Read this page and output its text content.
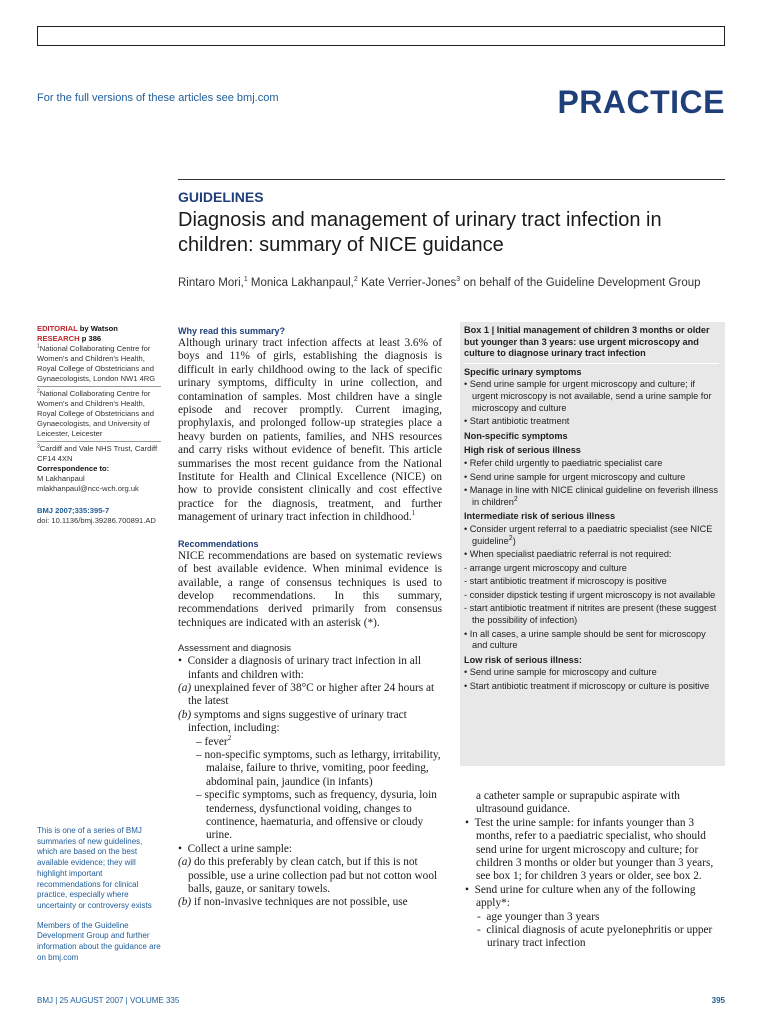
For the full versions of these articles see bmj.com	PRACTICE
GUIDELINES
Diagnosis and management of urinary tract infection in children: summary of NICE guidance
Rintaro Mori,$^1$ Monica Lakhanpaul,$^2$ Kate Verrier-Jones$^3$ on behalf of the Guideline Development Group
EDITORIAL by Watson
RESEARCH p 386
$^1$National Collaborating Centre for Women's and Children's Health, Royal College of Obstetricians and Gynaecologists, London NW1 4RG
$^2$National Collaborating Centre for Women's and Children's Health, Royal College of Obstetricians and Gynaecologists, and University of Leicester, Leicester
$^3$Cardiff and Vale NHS Trust, Cardiff CF14 4XN
Correspondence to:
M Lakhanpaul
mlakhanpaul@ncc-wch.org.uk
BMJ 2007;335:395-7
doi: 10.1136/bmj.39286.700891.AD

This is one of a series of BMJ summaries of new guidelines, which are based on the best available evidence; they will highlight important recommendations for clinical practice, especially where uncertainty or controversy exists

Members of the Guideline Development Group and further information about the guidance are on bmj.com

Why read this summary?

Although urinary tract infection affects at least 3.6% of boys and 11% of girls, establishing the diagnosis is difficult in early childhood owing to the lack of specific urinary symptoms, difficulty in urine collection, and contamination of samples. Most children have a single episode and recover promptly. Current imaging, prophylaxis, and prolonged follow-up strategies place a heavy burden on patients, families, and NHS resources and carry risks without evidence of benefit. This article summarises the most recent guidance from the National Institute for Health and Clinical Excellence (NICE) on how to provide consistent clinically and cost effective practice for the diagnosis, treatment, and further management of urinary tract infection in childhood.$^1$

Recommendations

NICE recommendations are based on systematic reviews of best available evidence. When minimal evidence is available, a range of consensus techniques is used to develop recommendations. In this summary, recommendations derived primarily from consensus techniques are indicated with an asterisk (*).

Assessment and diagnosis
•  Consider a diagnosis of urinary tract infection in all infants and children with:
(a) unexplained fever of 38°C or higher after 24 hours at the latest
(b) symptoms and signs suggestive of urinary tract infection, including:
– fever$^2$
– non-specific symptoms, such as lethargy, irritability, malaise, failure to thrive, vomiting, poor feeding, abdominal pain, jaundice (in infants)
– specific symptoms, such as frequency, dysuria, loin tenderness, dysfunctional voiding, changes to continence, haematuria, and offensive or cloudy urine.
•  Collect a urine sample:
(a) do this preferably by clean catch, but if this is not possible, use a urine collection pad but not cotton wool balls, gauze, or sanitary towels.
(b) if non-invasive techniques are not possible, use
Box 1 | Initial management of children 3 months or older but younger than 3 years: use urgent microscopy and culture to diagnose urinary tract infection
Specific urinary symptoms
• Send urine sample for urgent microscopy and culture; if urgent microscopy is not available, send a urine sample for microscopy and culture
• Start antibiotic treatment
Non-specific symptoms
High risk of serious illness
• Refer child urgently to paediatric specialist care
• Send urine sample for urgent microscopy and culture
• Manage in line with NICE clinical guideline on feverish illness in children$^2$
Intermediate risk of serious illness
• Consider urgent referral to a paediatric specialist (see NICE guideline$^2$)
• When specialist paediatric referral is not required:
- arrange urgent microscopy and culture
- start antibiotic treatment if microscopy is positive
- consider dipstick testing if urgent microscopy is not available
- start antibiotic treatment if nitrites are present (these suggest the possibility of infection)
• In all cases, a urine sample should be sent for microscopy and culture
Low risk of serious illness:
• Send urine sample for microscopy and culture
• Start antibiotic treatment if microscopy or culture is positive
a catheter sample or suprapubic aspirate with ultrasound guidance.
•  Test the urine sample: for infants younger than 3 months, refer to a paediatric specialist, who should send urine for urgent microscopy and culture; for children 3 months or older but younger than 3 years, see box 1; for children 3 years or older, see box 2.
•  Send urine for culture when any of the following apply*:
-  age younger than 3 years
-  clinical diagnosis of acute pyelonephritis or upper urinary tract infection
BMJ | 25 AUGUST 2007 | VOLUME 335	395
